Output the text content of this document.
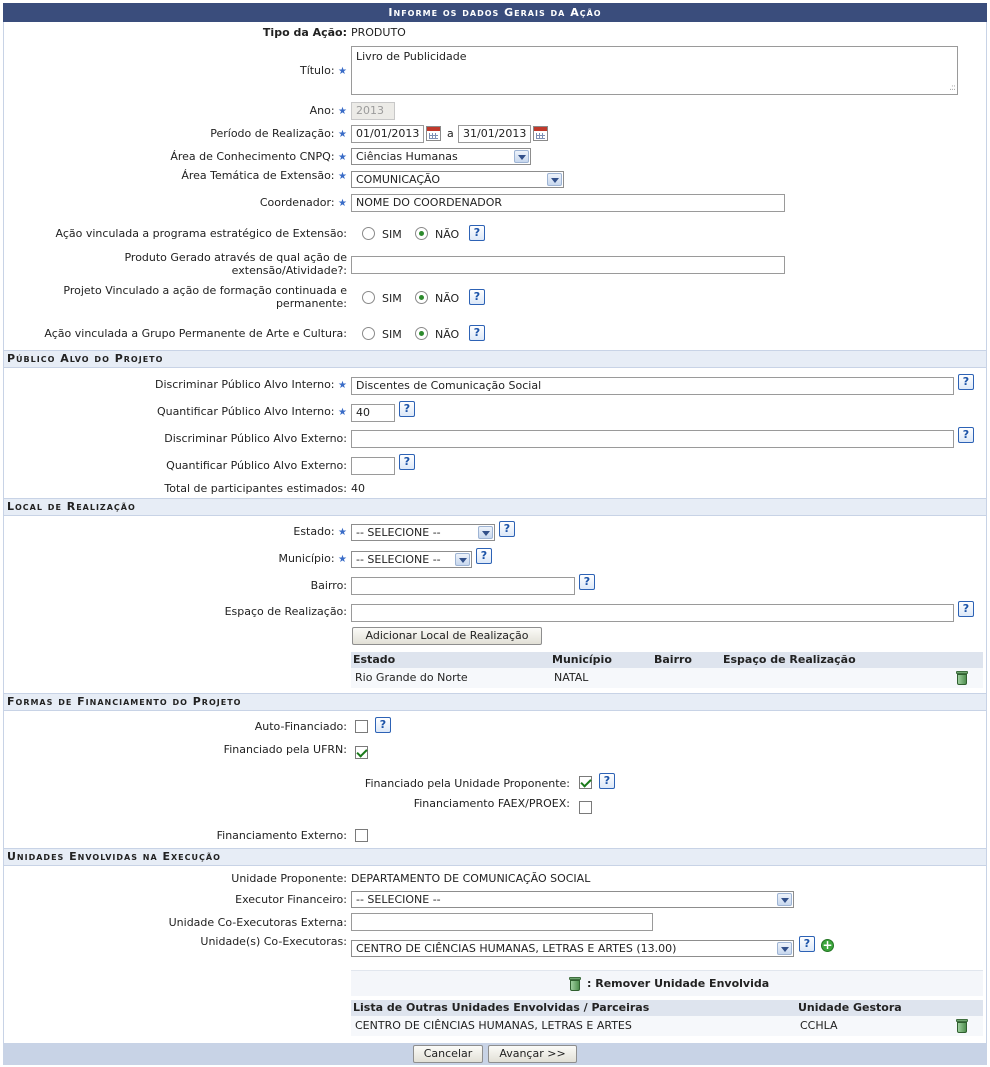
Informe os dados Gerais da Ação
Tipo da Ação: PRODUTO
Título: ★
Livro de Publicidade
.::
Ano: ★ 2013
Período de Realização: ★ 01/01/2013	a 31/01/2013
Área de Conhecimento CNPQ: ★ Ciências Humanas
Área Temática de Extensão: ★ COMUNICAÇÃO
Coordenador: ★ NOME DO COORDENADOR
Ação vinculada a programa estratégico de Extensão:	SIM	NÃO	?
Produto Gerado através de qual ação de extensão/Atividade?:
Projeto Vinculado a ação de formação continuada e permanente:	SIM	NÃO	?
Ação vinculada a Grupo Permanente de Arte e Cultura:	SIM	NÃO	?
Público Alvo do Projeto
Discriminar Público Alvo Interno: ★ Discentes de Comunicação Social	?
Quantificar Público Alvo Interno: ★ 40	?
Discriminar Público Alvo Externo:	?
Quantificar Público Alvo Externo:	?
Total de participantes estimados: 40
Local de Realização
Estado: ★ -- SELECIONE --	?
Município: ★ -- SELECIONE --	?
Bairro:	?
Espaço de Realização:	?
Adicionar Local de Realização
Estado	Município	Bairro	Espaço de Realização
Rio Grande do Norte	NATAL
Formas de Financiamento do Projeto
Auto-Financiado:	?
Financiado pela UFRN:
Financiado pela Unidade Proponente:	?
Financiamento FAEX/PROEX:
Financiamento Externo:
Unidades Envolvidas na Execução
Unidade Proponente: DEPARTAMENTO DE COMUNICAÇÃO SOCIAL
Executor Financeiro: -- SELECIONE --
Unidade Co-Executoras Externa:
Unidade(s) Co-Executoras:
CENTRO DE CIÊNCIAS HUMANAS, LETRAS E ARTES (13.00)	?	+
: Remover Unidade Envolvida
Lista de Outras Unidades Envolvidas / Parceiras	Unidade Gestora
CENTRO DE CIÊNCIAS HUMANAS, LETRAS E ARTES	CCHLA
Cancelar	Avançar >>
